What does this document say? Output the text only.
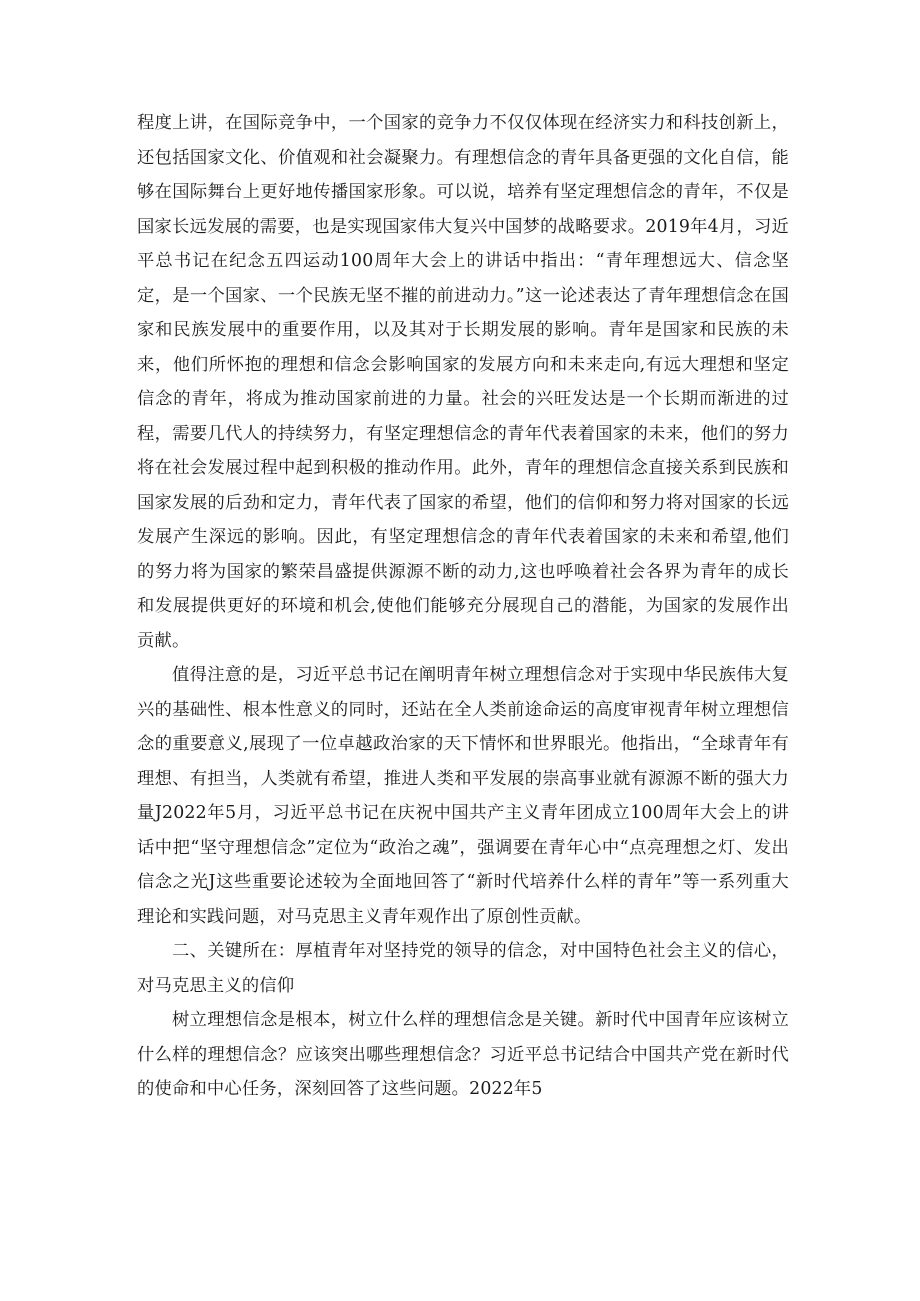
程度上讲，在国际竞争中，一个国家的竞争力不仅仅体现在经济实力和科技创新上，还包括国家文化、价值观和社会凝聚力。有理想信念的青年具备更强的文化自信，能够在国际舞台上更好地传播国家形象。可以说，培养有坚定理想信念的青年，不仅是国家长远发展的需要，也是实现国家伟大复兴中国梦的战略要求。2019年4月，习近平总书记在纪念五四运动100周年大会上的讲话中指出：“青年理想远大、信念坚定，是一个国家、一个民族无坚不摧的前进动力。”这一论述表达了青年理想信念在国家和民族发展中的重要作用，以及其对于长期发展的影响。青年是国家和民族的未来，他们所怀抱的理想和信念会影响国家的发展方向和未来走向,有远大理想和坚定信念的青年，将成为推动国家前进的力量。社会的兴旺发达是一个长期而渐进的过程，需要几代人的持续努力，有坚定理想信念的青年代表着国家的未来，他们的努力将在社会发展过程中起到积极的推动作用。此外，青年的理想信念直接关系到民族和国家发展的后劲和定力，青年代表了国家的希望，他们的信仰和努力将对国家的长远发展产生深远的影响。因此，有坚定理想信念的青年代表着国家的未来和希望,他们的努力将为国家的繁荣昌盛提供源源不断的动力,这也呼唤着社会各界为青年的成长和发展提供更好的环境和机会,使他们能够充分展现自己的潜能，为国家的发展作出贡献。

值得注意的是，习近平总书记在阐明青年树立理想信念对于实现中华民族伟大复兴的基础性、根本性意义的同时，还站在全人类前途命运的高度审视青年树立理想信念的重要意义,展现了一位卓越政治家的天下情怀和世界眼光。他指出，“全球青年有理想、有担当，人类就有希望，推进人类和平发展的崇高事业就有源源不断的强大力量J2022年5月，习近平总书记在庆祝中国共产主义青年团成立100周年大会上的讲话中把“坚守理想信念”定位为“政治之魂”，强调要在青年心中“点亮理想之灯、发出信念之光J这些重要论述较为全面地回答了“新时代培养什么样的青年”等一系列重大理论和实践问题，对马克思主义青年观作出了原创性贡献。

二、关键所在：厚植青年对坚持党的领导的信念，对中国特色社会主义的信心，对马克思主义的信仰

树立理想信念是根本，树立什么样的理想信念是关键。新时代中国青年应该树立什么样的理想信念？应该突出哪些理想信念？习近平总书记结合中国共产党在新时代的使命和中心任务，深刻回答了这些问题。2022年5
